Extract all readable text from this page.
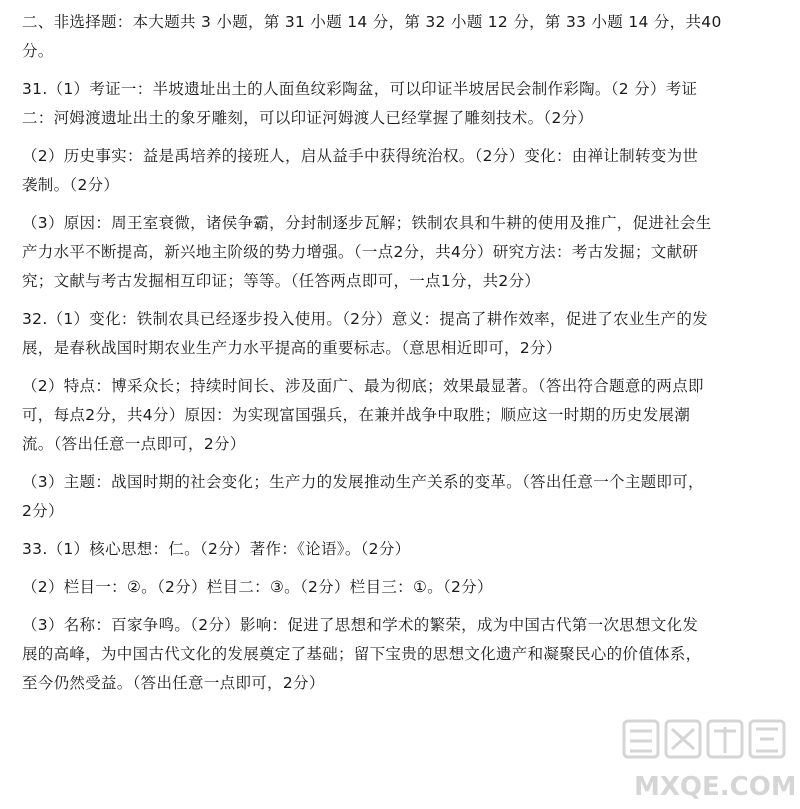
二、非选择题：本大题共 3 小题，第 31 小题 14 分，第 32 小题 12 分，第 33 小题 14 分，共40
分。
31.（1）考证一：半坡遗址出土的人面鱼纹彩陶盆，可以印证半坡居民会制作彩陶。（2 分）考证
二：河姆渡遗址出土的象牙雕刻，可以印证河姆渡人已经掌握了雕刻技术。（2分）
（2）历史事实：益是禹培养的接班人，启从益手中获得统治权。（2分）变化：由禅让制转变为世
袭制。（2分）
（3）原因：周王室衰微，诸侯争霸，分封制逐步瓦解；铁制农具和牛耕的使用及推广，促进社会生
产力水平不断提高，新兴地主阶级的势力增强。（一点2分，共4分）研究方法：考古发掘；文献研
究；文献与考古发掘相互印证；等等。（任答两点即可，一点1分，共2分）
32.（1）变化：铁制农具已经逐步投入使用。（2分）意义：提高了耕作效率，促进了农业生产的发
展，是春秋战国时期农业生产力水平提高的重要标志。（意思相近即可，2分）
（2）特点：博采众长；持续时间长、涉及面广、最为彻底；效果最显著。（答出符合题意的两点即
可，每点2分，共4分）原因：为实现富国强兵，在兼并战争中取胜；顺应这一时期的历史发展潮
流。（答出任意一点即可，2分）
（3）主题：战国时期的社会变化；生产力的发展推动生产关系的变革。（答出任意一个主题即可，
2分）
33.（1）核心思想：仁。（2分）著作：《论语》。（2分）
（2）栏目一：②。（2分）栏目二：③。（2分）栏目三：①。（2分）
（3）名称：百家争鸣。（2分）影响：促进了思想和学术的繁荣，成为中国古代第一次思想文化发
展的高峰，为中国古代文化的发展奠定了基础；留下宝贵的思想文化遗产和凝聚民心的价值体系，
至今仍然受益。（答出任意一点即可，2分）
MXQE.COM
